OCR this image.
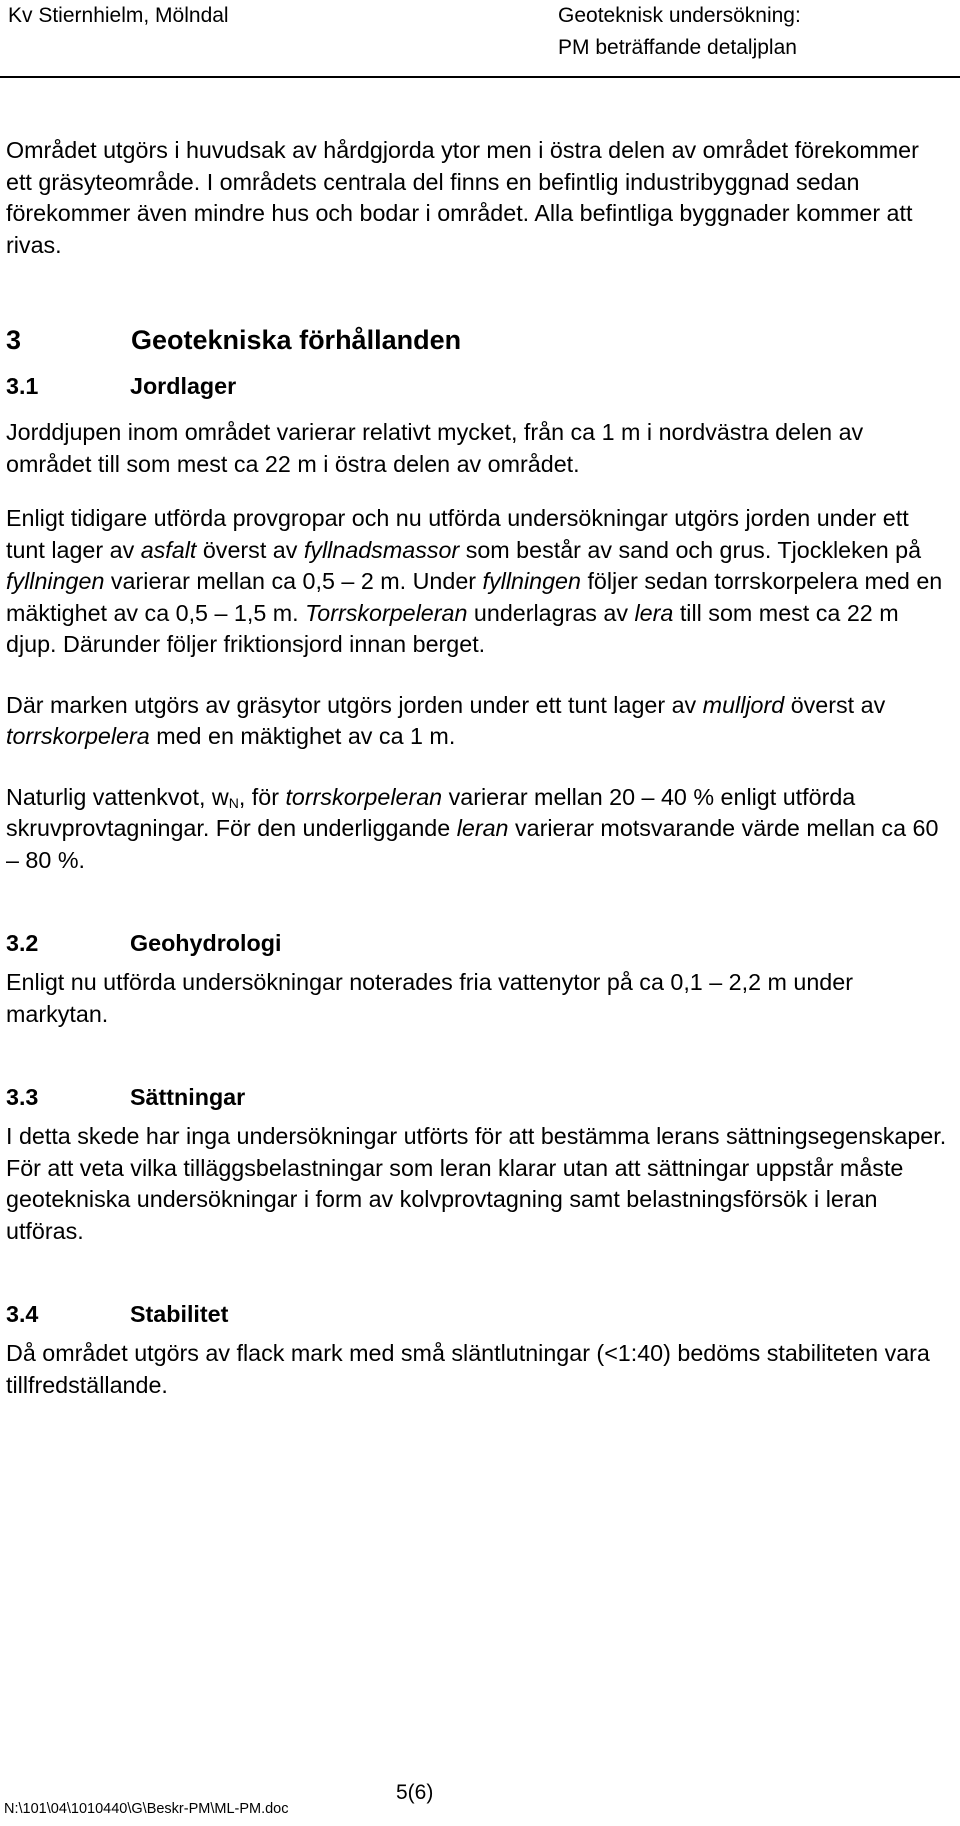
Kv Stiernhielm, Mölndal	Geoteknisk undersökning:
PM beträffande detaljplan

Området utgörs i huvudsak av hårdgjorda ytor men i östra delen av området förekommer ett gräsyteområde. I områdets centrala del finns en befintlig industribyggnad sedan förekommer även mindre hus och bodar i området. Alla befintliga byggnader kommer att rivas.

3	Geotekniska förhållanden
3.1	Jordlager

Jorddjupen inom området varierar relativt mycket, från ca 1 m i nordvästra delen av området till som mest ca 22 m i östra delen av området.

Enligt tidigare utförda provgropar och nu utförda undersökningar utgörs jorden under ett tunt lager av asfalt överst av fyllnadsmassor som består av sand och grus. Tjockleken på fyllningen varierar mellan ca 0,5 – 2 m. Under fyllningen följer sedan torrskorpelera med en mäktighet av ca 0,5 – 1,5 m. Torrskorpeleran underlagras av lera till som mest ca 22 m djup. Därunder följer friktionsjord innan berget.

Där marken utgörs av gräsytor utgörs jorden under ett tunt lager av mulljord överst av torrskorpelera med en mäktighet av ca 1 m.

Naturlig vattenkvot, $w_N$, för torrskorpeleran varierar mellan 20 – 40 % enligt utförda skruvprovtagningar. För den underliggande leran varierar motsvarande värde mellan ca 60 – 80 %.

3.2	Geohydrologi

Enligt nu utförda undersökningar noterades fria vattenytor på ca 0,1 – 2,2 m under markytan.

3.3	Sättningar

I detta skede har inga undersökningar utförts för att bestämma lerans sättningsegenskaper. För att veta vilka tilläggsbelastningar som leran klarar utan att sättningar uppstår måste geotekniska undersökningar i form av kolvprovtagning samt belastningsförsök i leran utföras.

3.4	Stabilitet

Då området utgörs av flack mark med små släntlutningar (<1:40) bedöms stabiliteten vara tillfredställande.

5(6)
N:\101\04\1010440\G\Beskr-PM\ML-PM.doc
